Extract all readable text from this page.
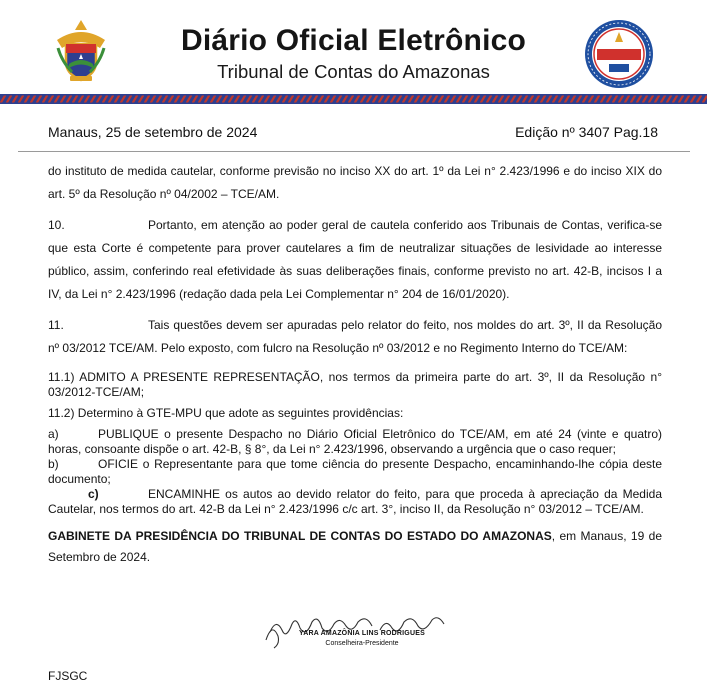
Diário Oficial Eletrônico
Tribunal de Contas do Amazonas
Manaus, 25 de setembro de 2024	Edição nº 3407 Pag.18

do instituto de medida cautelar, conforme previsão no inciso XX do art. 1º da Lei n° 2.423/1996 e do inciso XIX do art. 5º da Resolução nº 04/2002 – TCE/AM.

10.	Portanto, em atenção ao poder geral de cautela conferido aos Tribunais de Contas, verifica-se que esta Corte é competente para prover cautelares a fim de neutralizar situações de lesividade ao interesse público, assim, conferindo real efetividade às suas deliberações finais, conforme previsto no art. 42-B, incisos I a IV, da Lei n° 2.423/1996 (redação dada pela Lei Complementar n° 204 de 16/01/2020).

11.	Tais questões devem ser apuradas pelo relator do feito, nos moldes do art. 3º, II da Resolução nº 03/2012 TCE/AM. Pelo exposto, com fulcro na Resolução nº 03/2012 e no Regimento Interno do TCE/AM:

11.1) ADMITO A PRESENTE REPRESENTAÇÃO, nos termos da primeira parte do art. 3º, II da Resolução n° 03/2012-TCE/AM;

11.2) Determino à GTE-MPU que adote as seguintes providências:

a)	PUBLIQUE o presente Despacho no Diário Oficial Eletrônico do TCE/AM, em até 24 (vinte e quatro) horas, consoante dispõe o art. 42-B, § 8°, da Lei n° 2.423/1996, observando a urgência que o caso requer;

b)	OFICIE o Representante para que tome ciência do presente Despacho, encaminhando-lhe cópia deste documento;

c)	ENCAMINHE os autos ao devido relator do feito, para que proceda à apreciação da Medida Cautelar, nos termos do art. 42-B da Lei n° 2.423/1996 c/c art. 3°, inciso II, da Resolução n° 03/2012 – TCE/AM.

GABINETE DA PRESIDÊNCIA DO TRIBUNAL DE CONTAS DO ESTADO DO AMAZONAS, em Manaus, 19 de Setembro de 2024.

YARA AMAZÔNIA LINS RODRIGUES
Conselheira-Presidente
FJSGC
